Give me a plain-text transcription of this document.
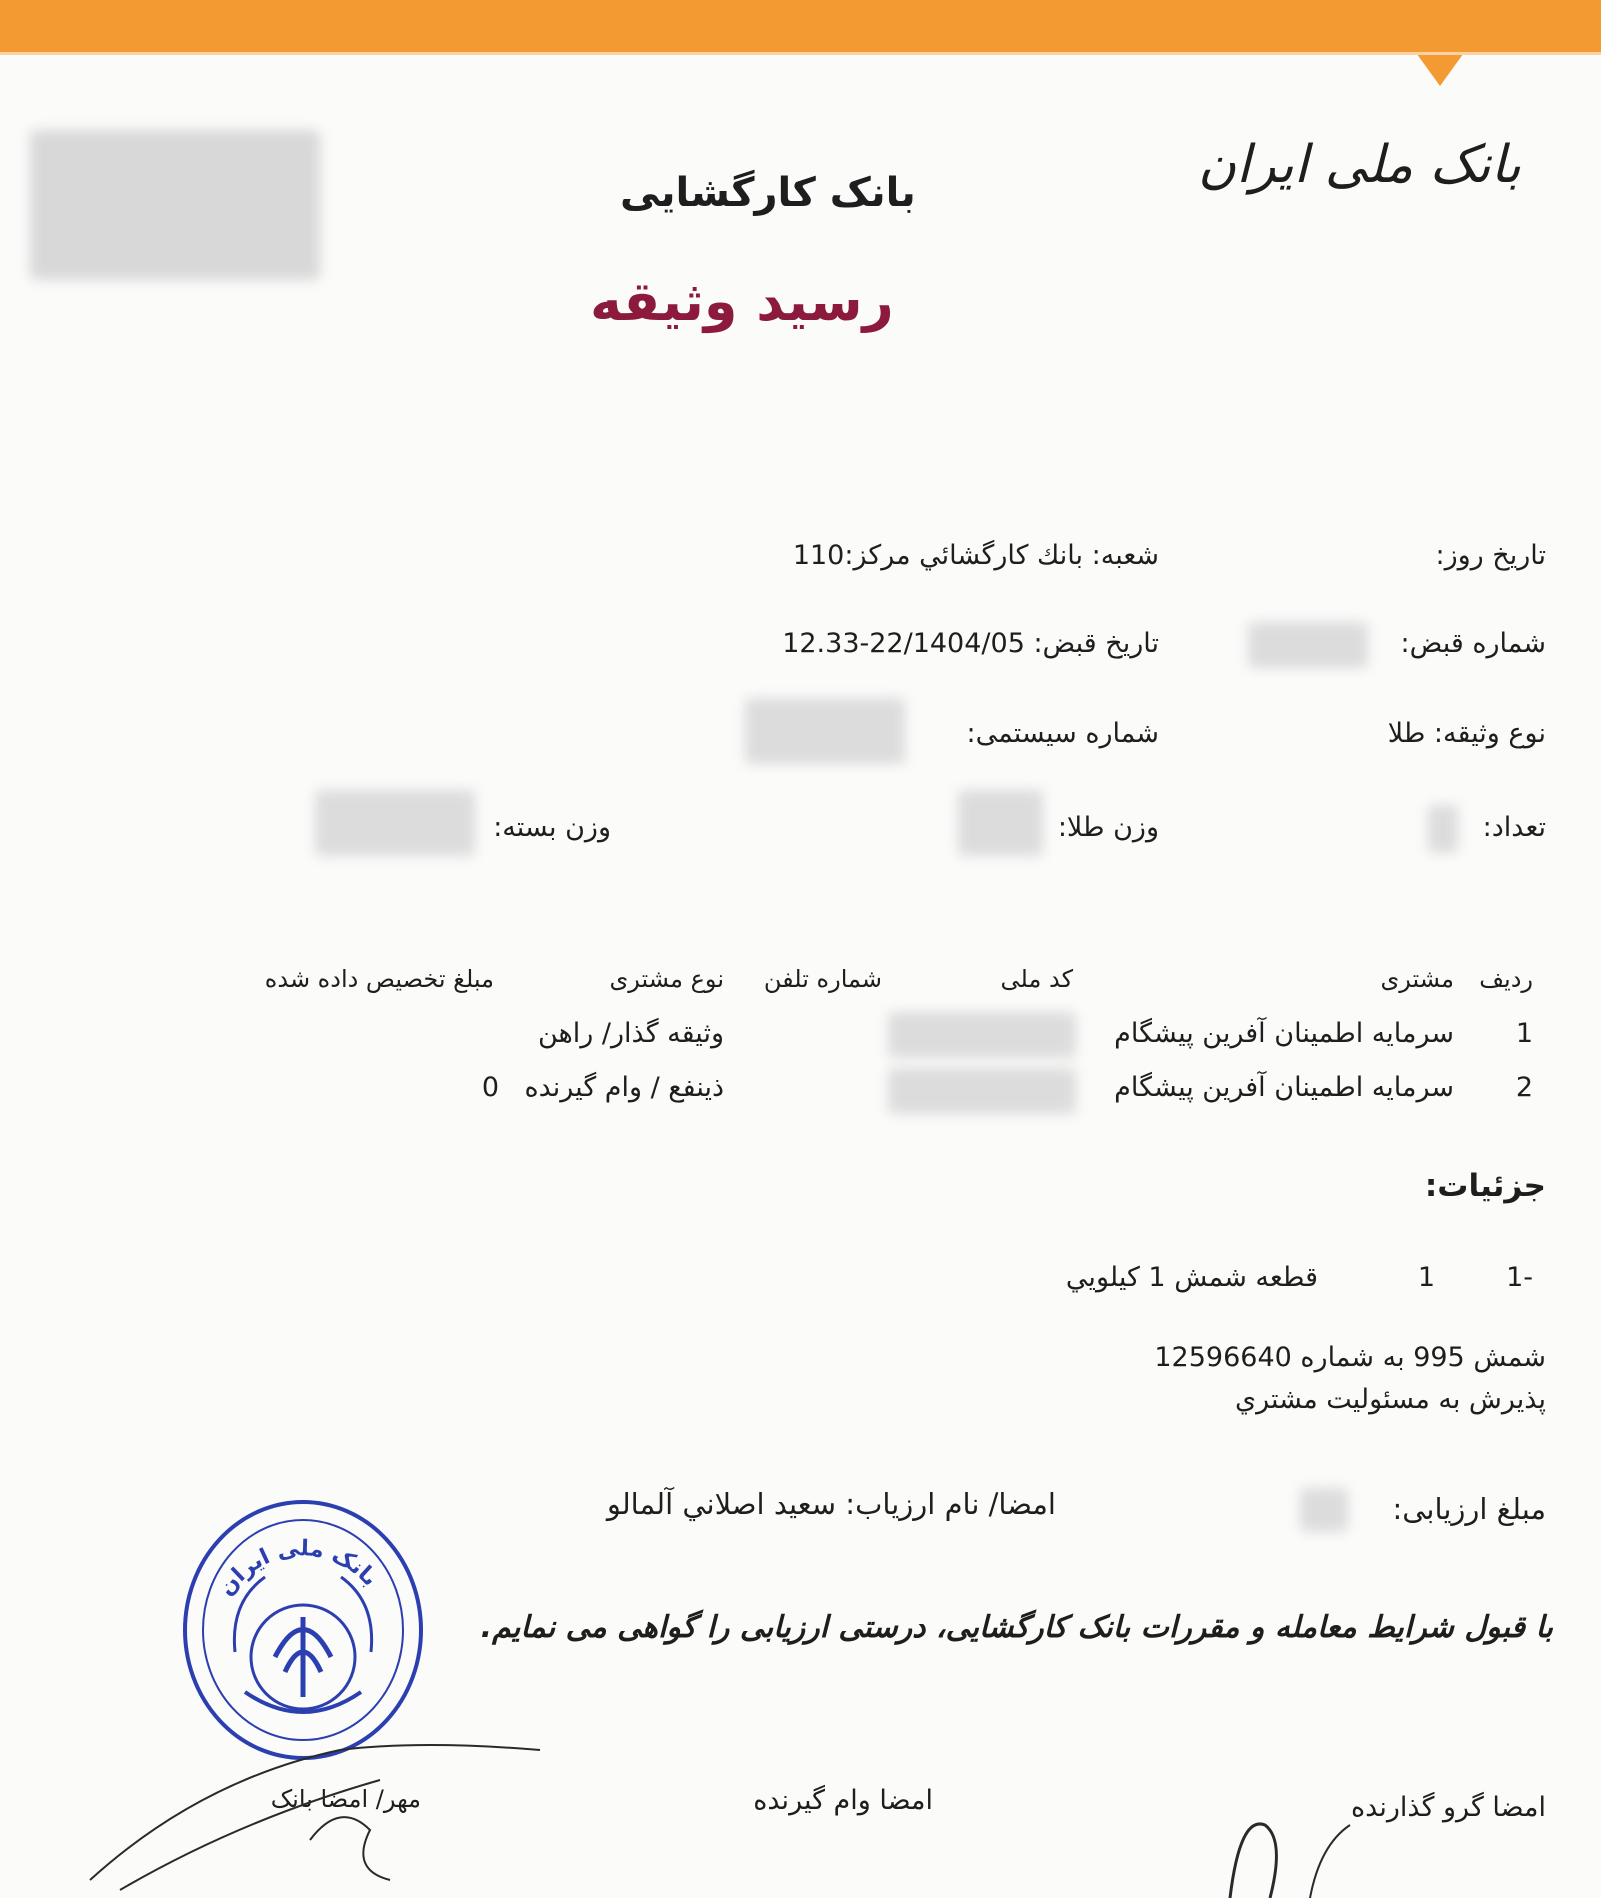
بانک ملی ایران
بانک کارگشایی
رسید وثیقه
تاریخ روز:
شعبه: بانك كارگشائي مركز:110
شماره قبض:
تاريخ قبض: 22/1404/05-12.33
نوع وثیقه: طلا
شماره سیستمی:
تعداد:
وزن طلا:
وزن بسته:
ردیف
مشتری
کد ملی
شماره تلفن
نوع مشتری
مبلغ تخصیص داده شده
1
سرمايه اطمينان آفرين پيشگام
وثيقه گذار/ راهن
2
سرمايه اطمينان آفرين پيشگام
ذينفع / وام گيرنده
0
جزئیات:
1-
1
قطعه شمش 1 كيلويي
شمش 995 به شماره 12596640
پذيرش به مسئوليت مشتري
مبلغ ارزیابی:
امضا/ نام ارزیاب: سعيد اصلاني آلمالو
با قبول شرایط معامله و مقررات بانک کارگشایی، درستی ارزیابی را گواهی می نمایم.
امضا گرو گذارنده
امضا وام گیرنده
مهر/ امضا بانک
بانک ملی ایران
